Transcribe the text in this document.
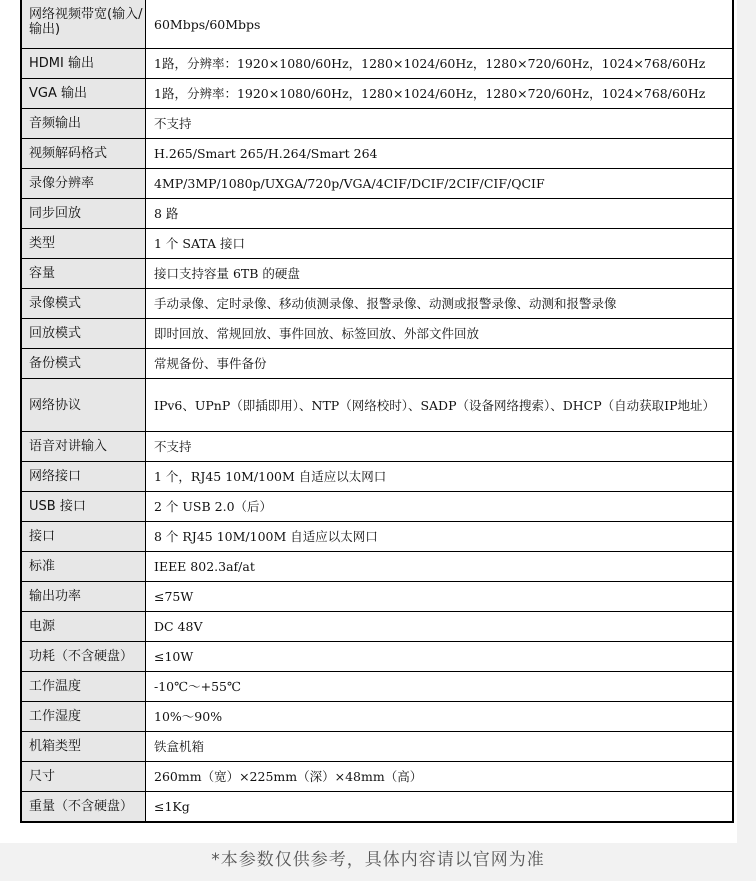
网络视频带宽(输入/输出)	60Mbps/60Mbps
HDMI 输出	1路，分辨率：1920×1080/60Hz，1280×1024/60Hz，1280×720/60Hz，1024×768/60Hz
VGA 输出	1路，分辨率：1920×1080/60Hz，1280×1024/60Hz，1280×720/60Hz，1024×768/60Hz
音频输出	不支持
视频解码格式	H.265/Smart 265/H.264/Smart 264
录像分辨率	4MP/3MP/1080p/UXGA/720p/VGA/4CIF/DCIF/2CIF/CIF/QCIF
同步回放	8 路
类型	1 个 SATA 接口
容量	接口支持容量 6TB 的硬盘
录像模式	手动录像、定时录像、移动侦测录像、报警录像、动测或报警录像、动测和报警录像
回放模式	即时回放、常规回放、事件回放、标签回放、外部文件回放
备份模式	常规备份、事件备份
网络协议	IPv6、UPnP（即插即用）、NTP（网络校时）、SADP（设备网络搜索）、DHCP（自动获取IP地址）
语音对讲输入	不支持
网络接口	1 个，RJ45 10M/100M 自适应以太网口
USB 接口	2 个 USB 2.0（后）
接口	8 个 RJ45 10M/100M 自适应以太网口
标准	IEEE 802.3af/at
输出功率	≤75W
电源	DC 48V
功耗（不含硬盘）	≤10W
工作温度	-10℃～+55℃
工作湿度	10%～90%
机箱类型	铁盒机箱
尺寸	260mm（宽）×225mm（深）×48mm（高）
重量（不含硬盘）	≤1Kg
*本参数仅供参考，具体内容请以官网为准
